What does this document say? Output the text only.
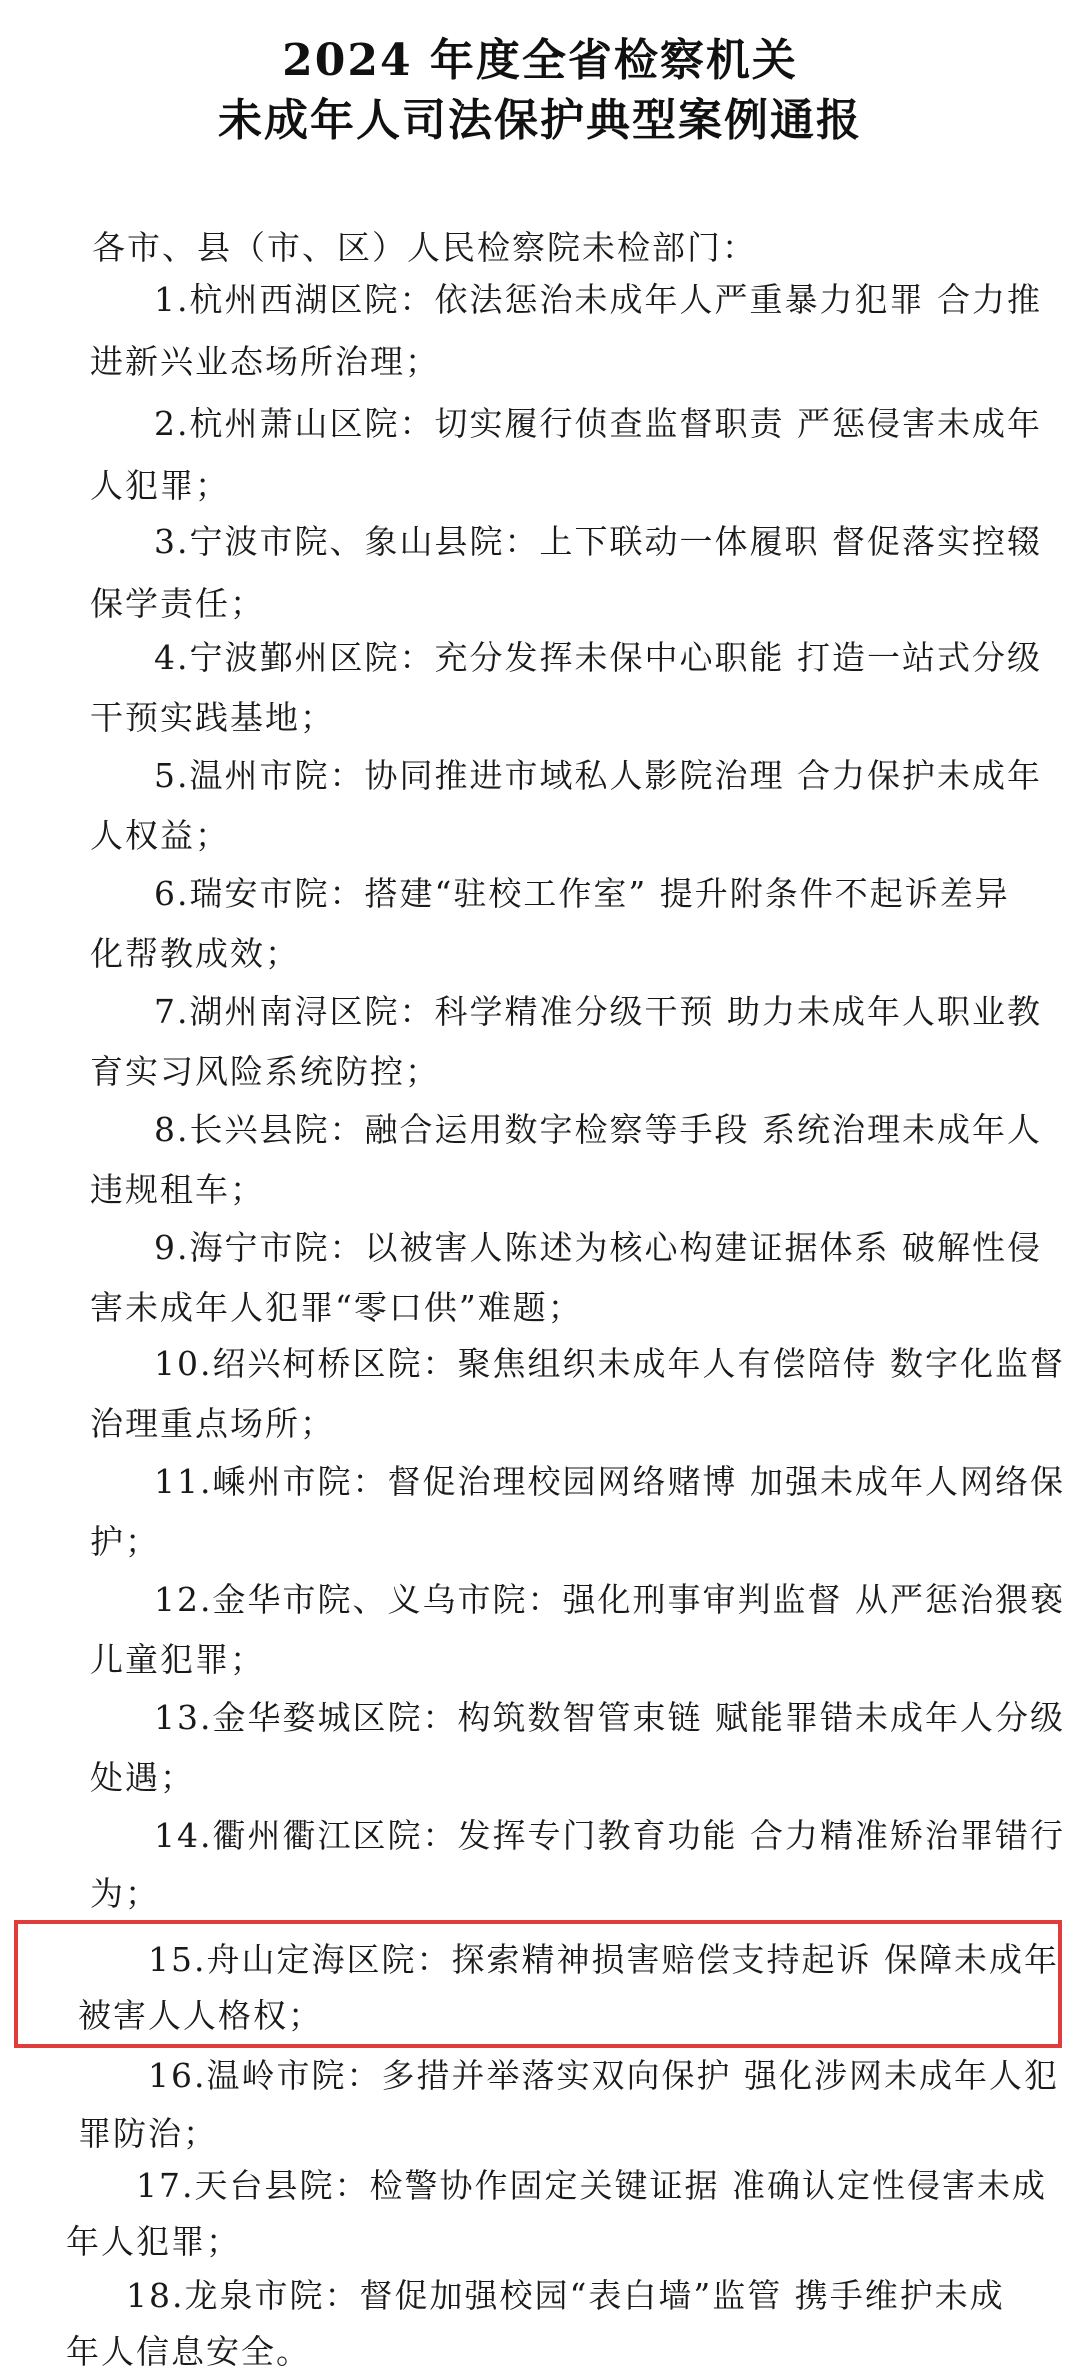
2024 年度全省检察机关
未成年人司法保护典型案例通报
各市、县（市、区）人民检察院未检部门：
1.杭州西湖区院：依法惩治未成年人严重暴力犯罪 合力推
进新兴业态场所治理；
2.杭州萧山区院：切实履行侦查监督职责 严惩侵害未成年
人犯罪；
3.宁波市院、象山县院：上下联动一体履职 督促落实控辍
保学责任；
4.宁波鄞州区院：充分发挥未保中心职能 打造一站式分级
干预实践基地；
5.温州市院：协同推进市域私人影院治理 合力保护未成年
人权益；
6.瑞安市院：搭建“驻校工作室” 提升附条件不起诉差异
化帮教成效；
7.湖州南浔区院：科学精准分级干预 助力未成年人职业教
育实习风险系统防控；
8.长兴县院：融合运用数字检察等手段 系统治理未成年人
违规租车；
9.海宁市院：以被害人陈述为核心构建证据体系 破解性侵
害未成年人犯罪“零口供”难题；
10.绍兴柯桥区院：聚焦组织未成年人有偿陪侍 数字化监督
治理重点场所；
11.嵊州市院：督促治理校园网络赌博 加强未成年人网络保
护；
12.金华市院、义乌市院：强化刑事审判监督 从严惩治猥亵
儿童犯罪；
13.金华婺城区院：构筑数智管束链 赋能罪错未成年人分级
处遇；
14.衢州衢江区院：发挥专门教育功能 合力精准矫治罪错行
为；
15.舟山定海区院：探索精神损害赔偿支持起诉 保障未成年
被害人人格权；
16.温岭市院：多措并举落实双向保护 强化涉网未成年人犯
罪防治；
17.天台县院：检警协作固定关键证据 准确认定性侵害未成
年人犯罪；
18.龙泉市院：督促加强校园“表白墙”监管 携手维护未成
年人信息安全。
